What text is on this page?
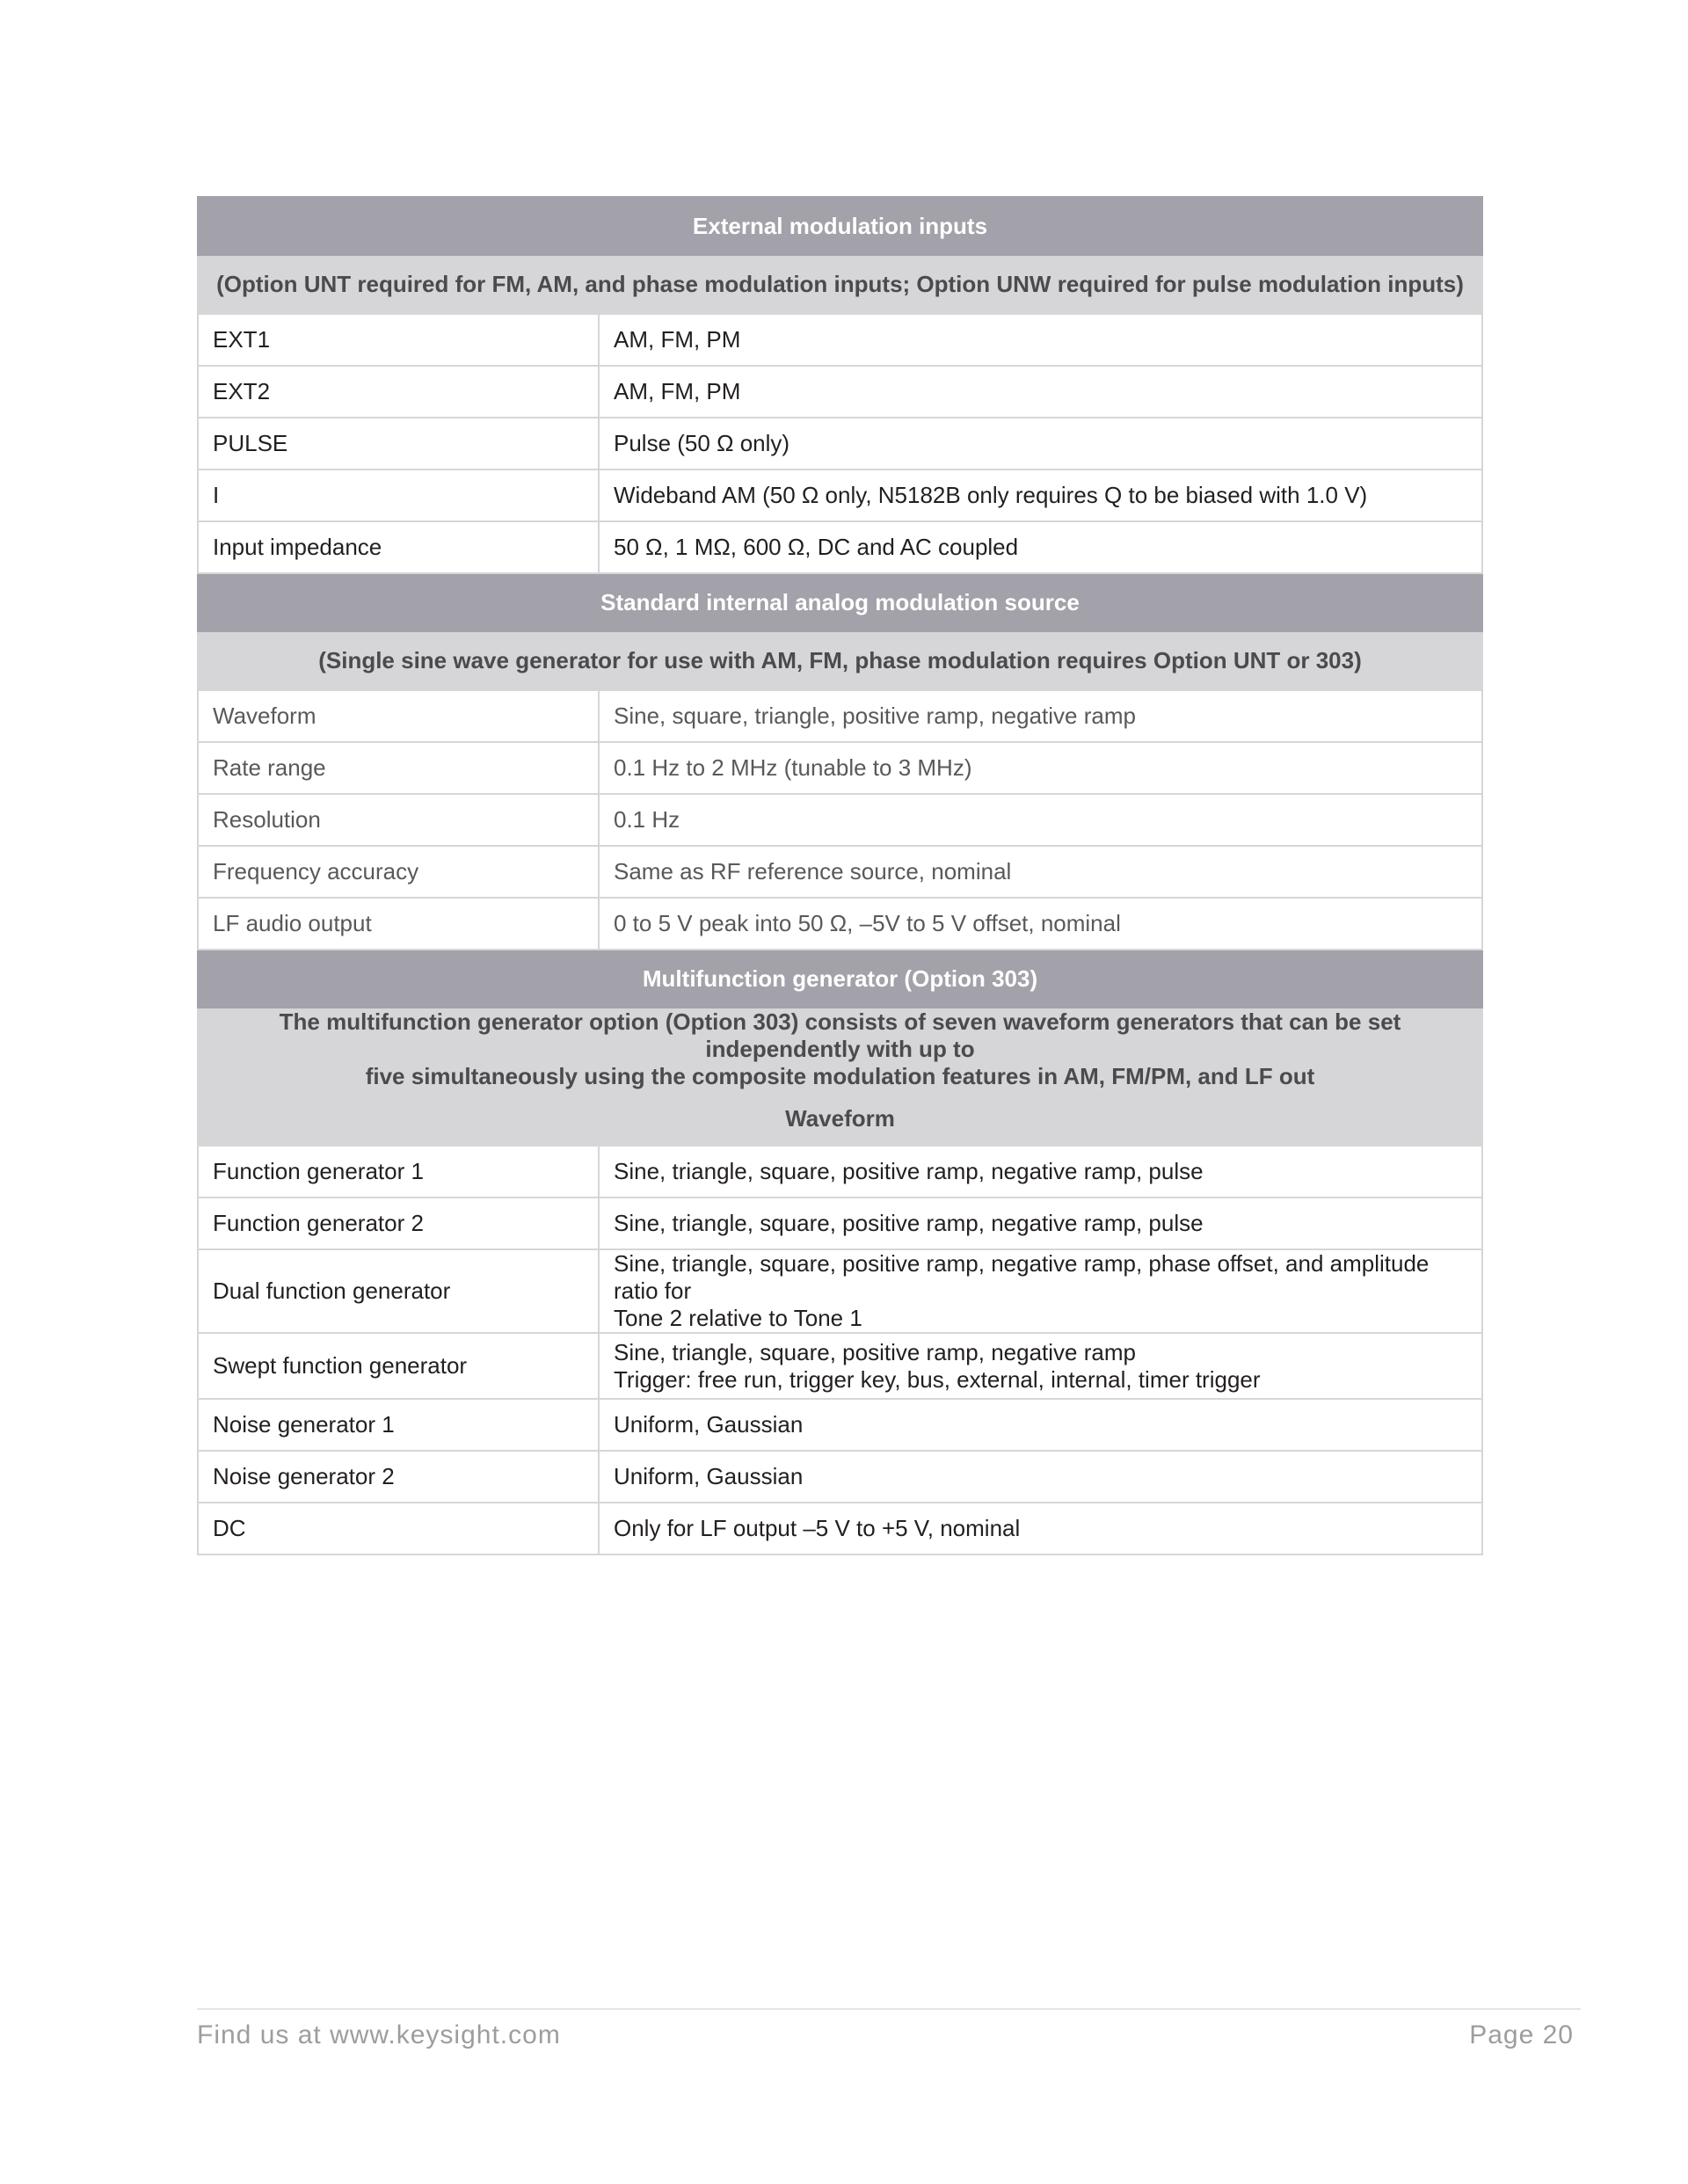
External modulation inputs	
(Option UNT required for FM, AM, and phase modulation inputs; Option UNW required for pulse modulation inputs)	
EXT1	AM, FM, PM
EXT2	AM, FM, PM
PULSE	Pulse (50 Ω only)
I	Wideband AM (50 Ω only, N5182B only requires Q to be biased with 1.0 V)
Input impedance	50 Ω, 1 MΩ, 600 Ω, DC and AC coupled
Standard internal analog modulation source	
(Single sine wave generator for use with AM, FM, phase modulation requires Option UNT or 303)	
Waveform	Sine, square, triangle, positive ramp, negative ramp
Rate range	0.1 Hz to 2 MHz (tunable to 3 MHz)
Resolution	0.1 Hz
Frequency accuracy	Same as RF reference source, nominal
LF audio output	0 to 5 V peak into 50 Ω, –5V to 5 V offset, nominal
Multifunction generator (Option 303)	

The multifunction generator option (Option 303) consists of seven waveform generators that can be set independently with up to
five simultaneously using the composite modulation features in AM, FM/PM, and LF out	

Waveform	
Function generator 1	Sine, triangle, square, positive ramp, negative ramp, pulse
Function generator 2	Sine, triangle, square, positive ramp, negative ramp, pulse
Dual function generator	Sine, triangle, square, positive ramp, negative ramp, phase offset, and amplitude ratio for
Tone 2 relative to Tone 1

Swept function generator	Sine, triangle, square, positive ramp, negative ramp
Trigger: free run, trigger key, bus, external, internal, timer trigger

Noise generator 1	Uniform, Gaussian
Noise generator 2	Uniform, Gaussian
DC	Only for LF output –5 V to +5 V, nominal
Find us at www.keysight.com	Page 20
